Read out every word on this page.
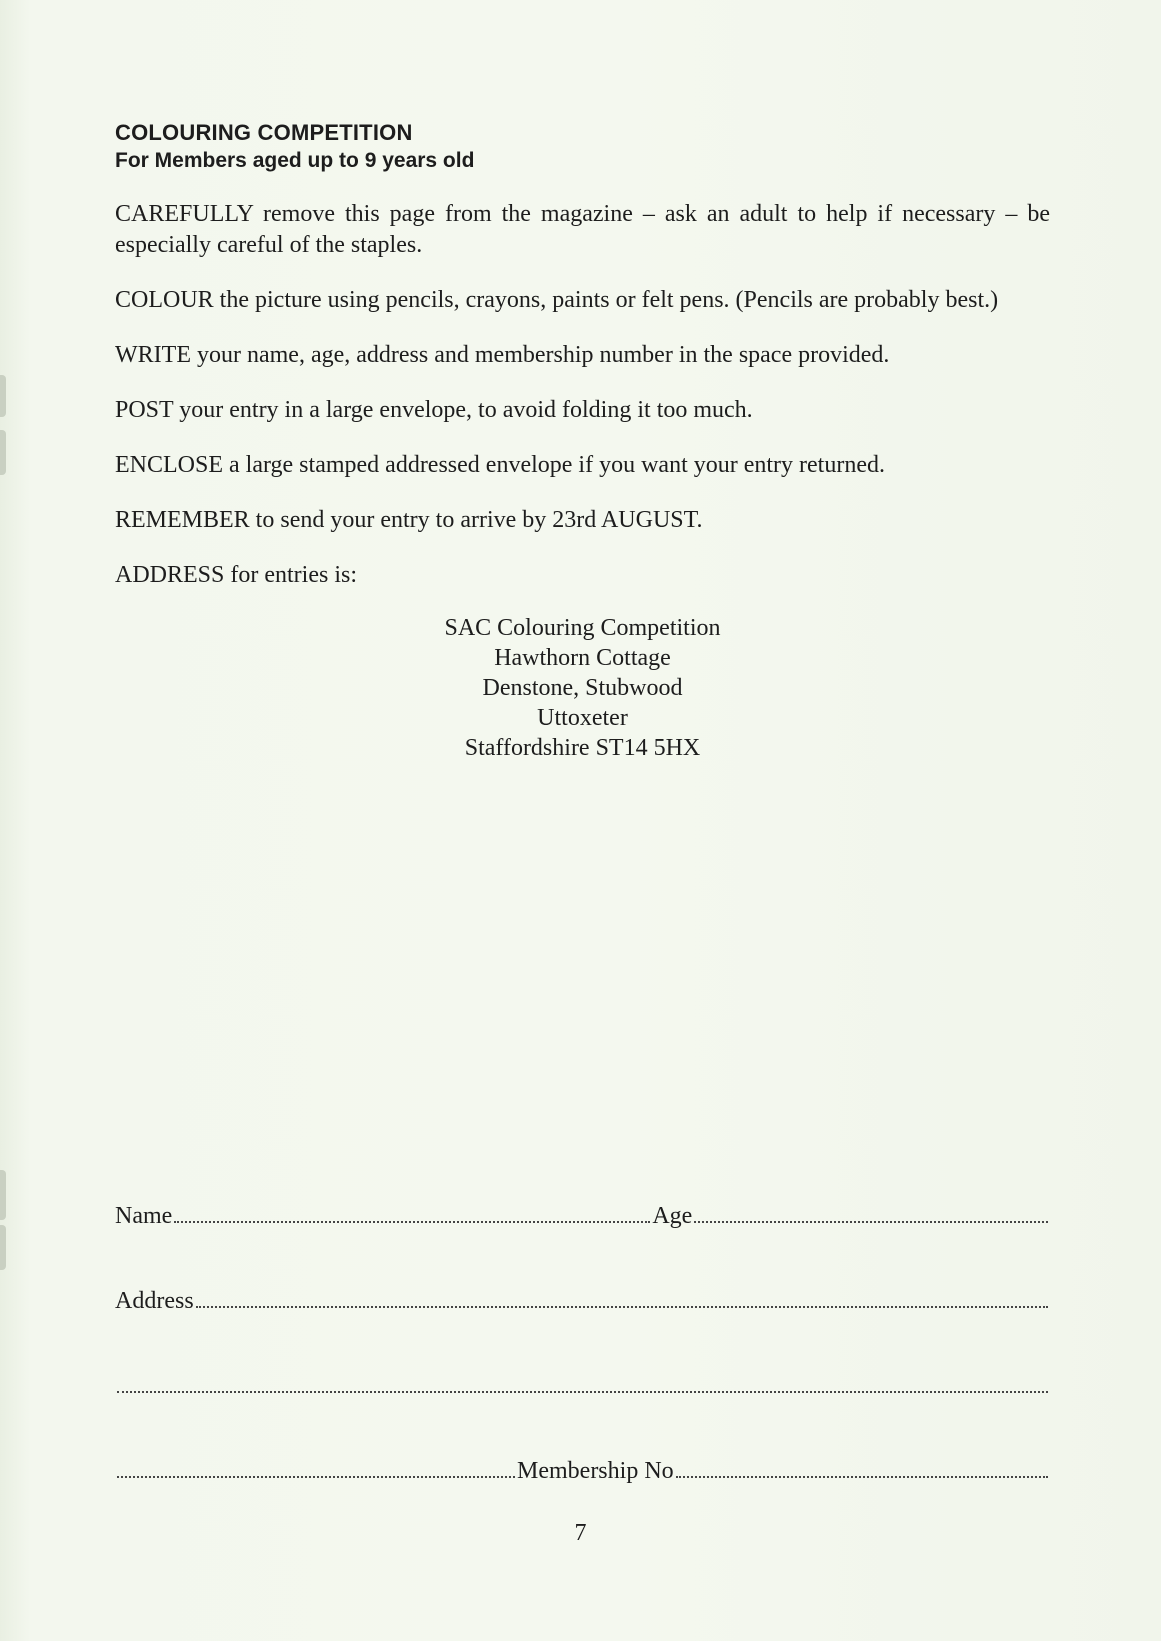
COLOURING COMPETITION
For Members aged up to 9 years old

CAREFULLY remove this page from the magazine – ask an adult to help if necessary – be especially careful of the staples.

COLOUR the picture using pencils, crayons, paints or felt pens. (Pencils are probably best.)

WRITE your name, age, address and membership number in the space provided.

POST your entry in a large envelope, to avoid folding it too much.

ENCLOSE a large stamped addressed envelope if you want your entry returned.

REMEMBER to send your entry to arrive by 23rd AUGUST.

ADDRESS for entries is:

SAC Colouring Competition
Hawthorn Cottage
Denstone, Stubwood
Uttoxeter
Staffordshire ST14 5HX
Name	Age
Address
Membership No
7
